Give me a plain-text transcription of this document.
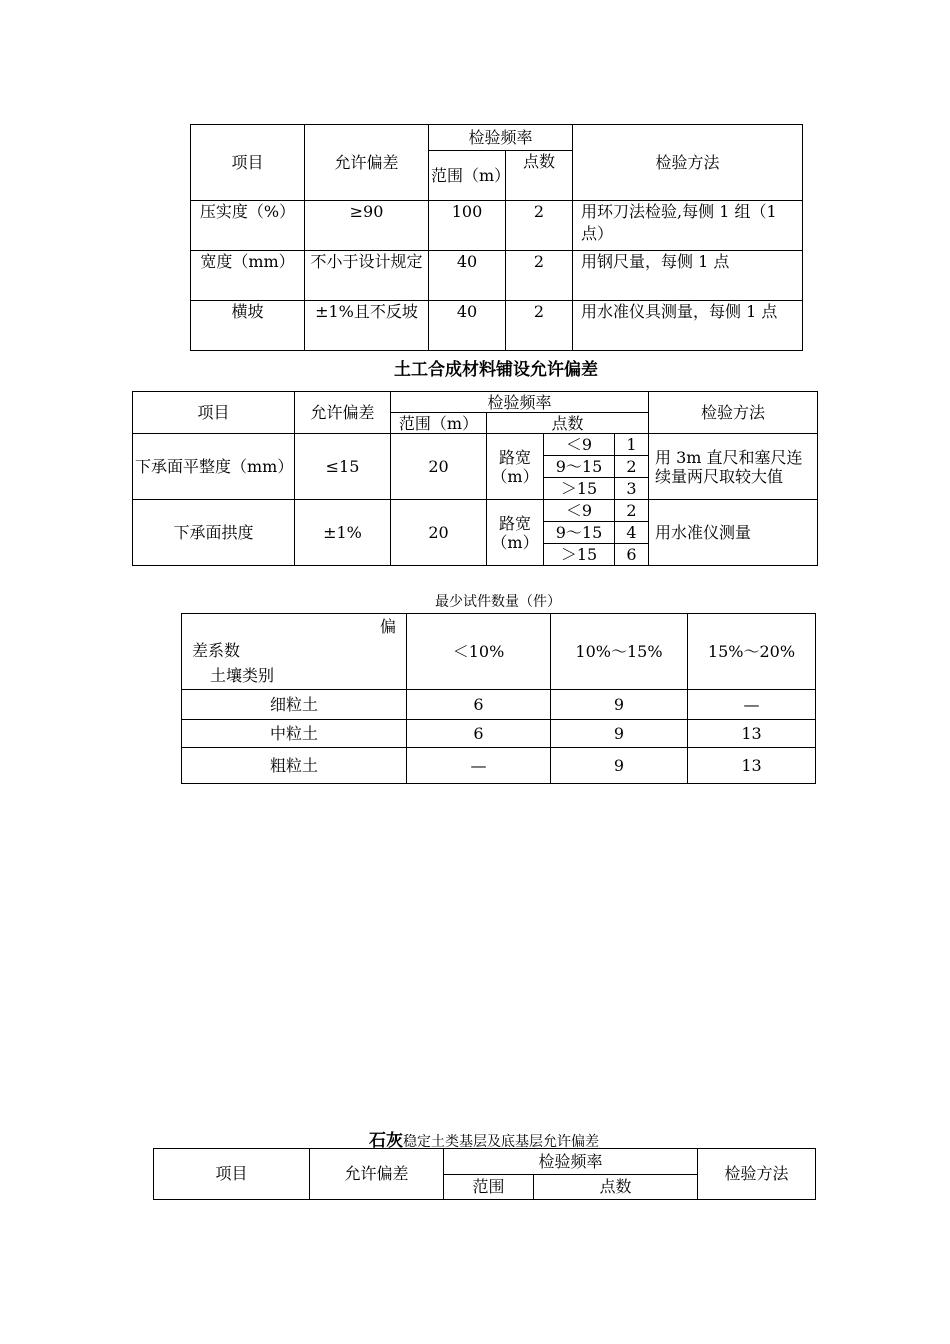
项目	允许偏差	检验频率		检验方法
		范围（m）	点数	
压实度（%）	≥90	100	2	用环刀法检验,每侧 1 组（1 点）
宽度（mm）	不小于设计规定	40	2	用钢尺量，每侧 1 点
横坡	±1%且不反坡	40	2	用水准仪具测量，每侧 1 点
土工合成材料铺设允许偏差
项目	允许偏差	检验频率				检验方法
		范围（m）	点数			
下承面平整度（mm）	≤15	20	路宽（m）	＜9	1	用 3m 直尺和塞尺连续量两尺取较大值
				9～15	2	
				＞15	3	
下承面拱度	±1%	20	路宽（m）	＜9	2	用水准仪测量
				9～15	4	
				＞15	6	
最少试件数量（件）
偏
差系数
土壤类别	＜10%	10%～15%	15%～20%
细粒土	6	9	—
中粒土	6	9	13
粗粒土	—	9	13
石灰稳定土类基层及底基层允许偏差
项目	允许偏差	检验频率		检验方法
		范围	点数	
